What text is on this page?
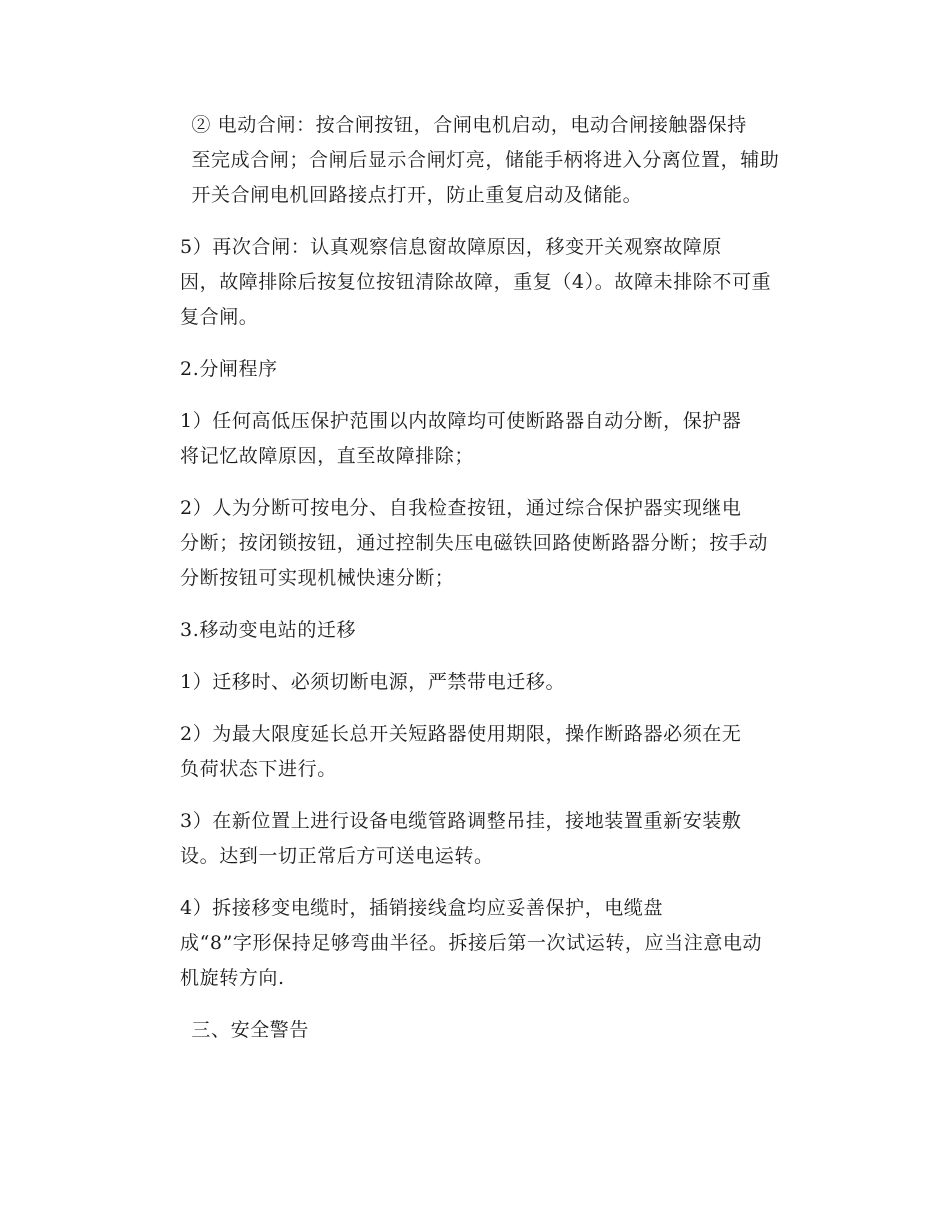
② 电动合闸：按合闸按钮，合闸电机启动，电动合闸接触器保持
至完成合闸；合闸后显示合闸灯亮，储能手柄将进入分离位置，辅助
开关合闸电机回路接点打开，防止重复启动及储能。

5）再次合闸：认真观察信息窗故障原因，移变开关观察故障原
因，故障排除后按复位按钮清除故障，重复（4）。故障未排除不可重
复合闸。

2.分闸程序

1）任何高低压保护范围以内故障均可使断路器自动分断，保护器
将记忆故障原因，直至故障排除；

2）人为分断可按电分、自我检查按钮，通过综合保护器实现继电
分断；按闭锁按钮，通过控制失压电磁铁回路使断路器分断；按手动
分断按钮可实现机械快速分断；

3.移动变电站的迁移

1）迁移时、必须切断电源，严禁带电迁移。

2）为最大限度延长总开关短路器使用期限，操作断路器必须在无
负荷状态下进行。

3）在新位置上进行设备电缆管路调整吊挂，接地装置重新安装敷
设。达到一切正常后方可送电运转。

4）拆接移变电缆时，插销接线盒均应妥善保护，电缆盘
成“8”字形保持足够弯曲半径。拆接后第一次试运转，应当注意电动
机旋转方向.

三、安全警告
